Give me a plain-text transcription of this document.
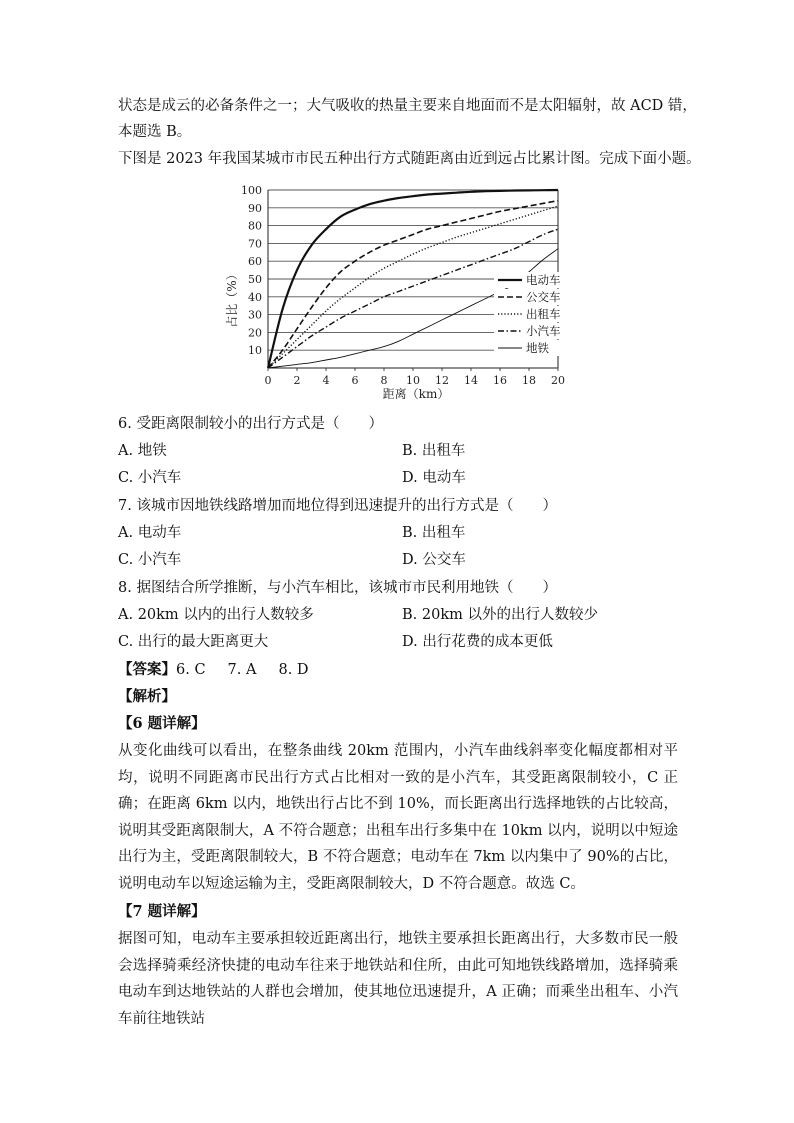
状态是成云的必备条件之一；大气吸收的热量主要来自地面而不是太阳辐射，故 ACD 错，
本题选 B。
下图是 2023 年我国某城市市民五种出行方式随距离由近到远占比累计图。完成下面小题。
10
20
30
40
50
60
70
80
90
100
0 2 4 6 8 10 12 14 16 18 20
电动车
公交车
出租车
小汽车
地铁
占比（%）
距离（km）
6. 受距离限制较小的出行方式是（　　）
A. 地铁	B. 出租车
C. 小汽车	D. 电动车
7. 该城市因地铁线路增加而地位得到迅速提升的出行方式是（　　）
A. 电动车	B. 出租车
C. 小汽车	D. 公交车
8. 据图结合所学推断，与小汽车相比，该城市市民利用地铁（　　）
A. 20km 以内的出行人数较多	B. 20km 以外的出行人数较少
C. 出行的最大距离更大	D. 出行花费的成本更低
【答案】6. C 7. A 8. D
【解析】
【6 题详解】
从变化曲线可以看出，在整条曲线 20km 范围内，小汽车曲线斜率变化幅度都相对平均，说明不同距离市民出行方式占比相对一致的是小汽车，其受距离限制较小，C 正确；在距离 6km 以内，地铁出行占比不到 10%，而长距离出行选择地铁的占比较高，说明其受距离限制大，A 不符合题意；出租车出行多集中在 10km 以内，说明以中短途出行为主，受距离限制较大，B 不符合题意；电动车在 7km 以内集中了 90%的占比，说明电动车以短途运输为主，受距离限制较大，D 不符合题意。故选 C。
【7 题详解】
据图可知，电动车主要承担较近距离出行，地铁主要承担长距离出行，大多数市民一般会选择骑乘经济快捷的电动车往来于地铁站和住所，由此可知地铁线路增加，选择骑乘电动车到达地铁站的人群也会增加，使其地位迅速提升，A 正确；而乘坐出租车、小汽车前往地铁站
